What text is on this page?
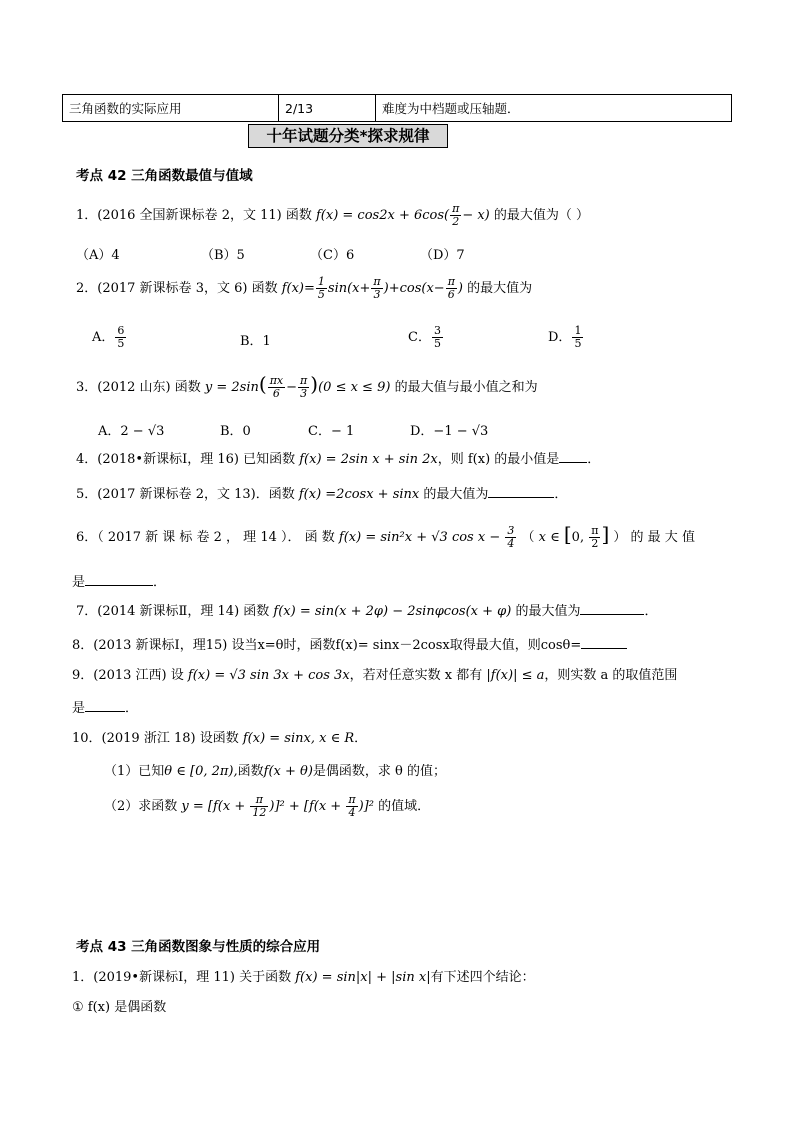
三角函数的实际应用	2/13	难度为中档题或压轴题．
十年试题分类*探求规律
考点 42 三角函数最值与值域
1．(2016 全国新课标卷 2，文 11) 函数 $f(x) = \cos 2x + 6\cos( \frac{\pi}{2} - x)$ 的最大值为（ ）
（A）4	（B）5	（C）6	（D）7
2．(2017 新课标卷 3，文 6) 函数 $f(x)= \frac{1}{5} \sin(x+ \frac{\pi}{3} )+\cos(x- \frac{\pi}{6}$ ) 的最大值为
A． $\frac{6}{5}$	B．1	C． $\frac{3}{5}$	D． $\frac{1}{5}$
3．(2012 山东) 函数 $y = 2\sin( \frac{\pi x}{6} - \frac{\pi}{3} )(0 \le x \le 9)$ 的最大值与最小值之和为
A．2 − √3	B．0	C．− 1	D．−1 − √3
4．(2018•新课标Ⅰ，理 16) 已知函数 f(x) = 2sin x + sin 2x，则 f(x) 的最小值是 ．
5．(2017 新课标卷 2，文 13)．函数 f(x) =2cosx + sinx 的最大值为	．
6．（ 2017 新 课 标 卷 2 ， 理 14 ）． 函 数 f(x) = sin²x + √3 $\cos x - \frac{3}{4}$ （ x ∈ [0, $\frac{\pi}{2}$ ] ） 的 最 大 值
是	．
7．(2014 新课标Ⅱ，理 14) 函数 f(x) = sin(x + 2φ) − 2sinφcos(x + φ) 的最大值为	．
8．(2013 新课标Ⅰ，理15) 设当x=θ时，函数f(x)= sinx－2cosx取得最大值，则cosθ=
9．(2013 江西) 设 f(x) = √3 sin 3x + cos 3x，若对任意实数 x 都有 |f(x)| ≤ a，则实数 a 的取值范围
是	．
10．(2019 浙江 18) 设函数 f(x) = sinx, x ∈ R．
（1）已知θ ∈ [0, 2π),函数f(x + θ)是偶函数，求 θ 的值；
（2）求函数 $y = [f(x + \frac{\pi}{12} )]^2 + [f(x + \frac{\pi}{4} )]^2$ 的值域．
考点 43 三角函数图象与性质的综合应用
1．(2019•新课标Ⅰ，理 11) 关于函数 f(x) = sin|x| + |sin x|有下述四个结论：
① f(x) 是偶函数
